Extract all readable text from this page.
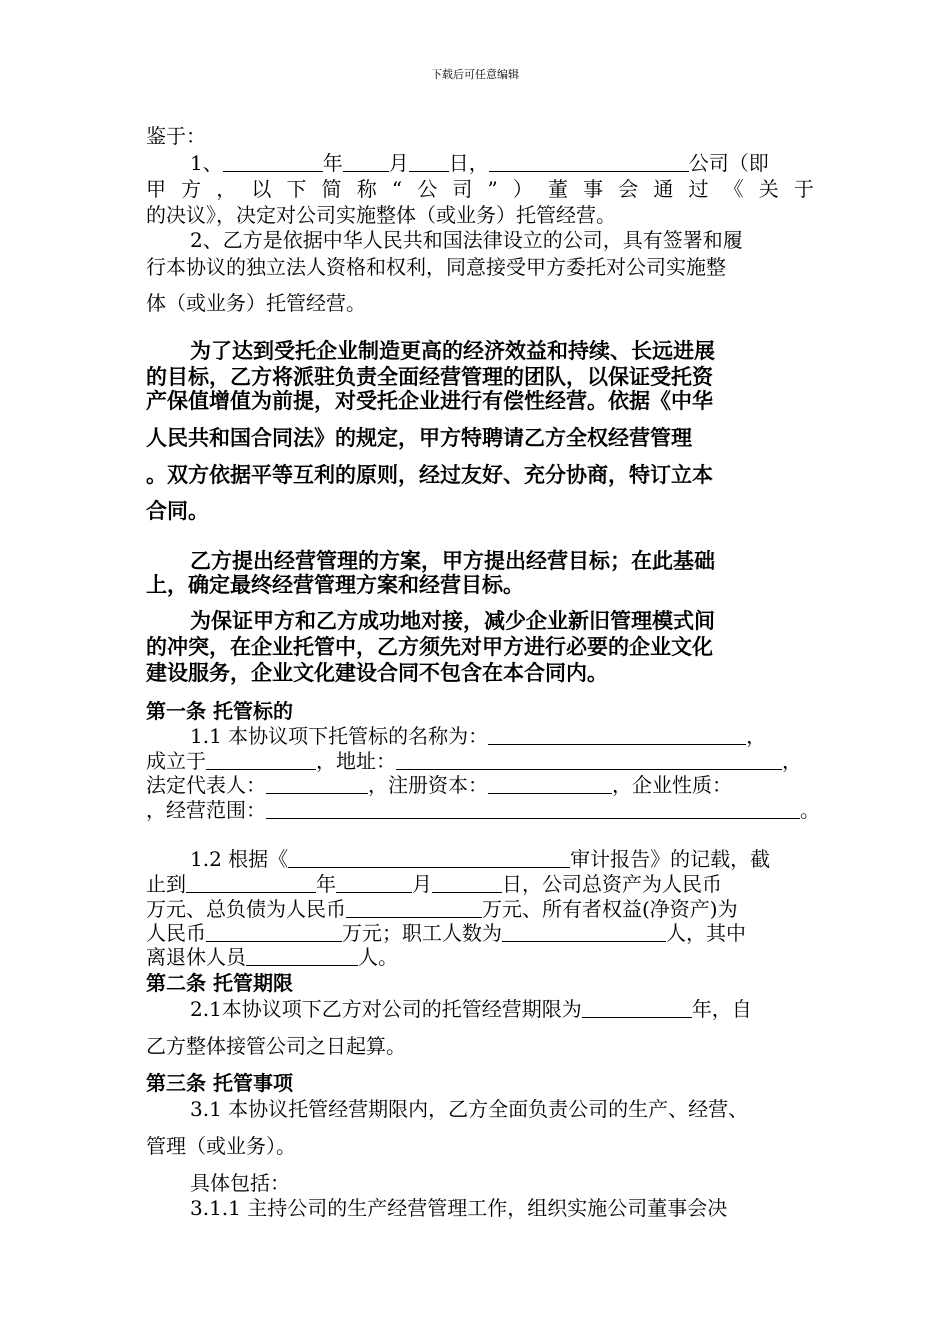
下载后可任意编辑
鉴于：
1、	年 月 日，	公司（即
甲 方 ， 以 下 简 称 “ 公 司 ” ） 董 事 会 通 过 《 关 于
的决议》，决定对公司实施整体（或业务）托管经营。
2、乙方是依据中华人民共和国法律设立的公司，具有签署和履
行本协议的独立法人资格和权利，同意接受甲方委托对公司实施整
体（或业务）托管经营。
为了达到受托企业制造更高的经济效益和持续、长远进展
的目标，乙方将派驻负责全面经营管理的团队，以保证受托资
产保值增值为前提，对受托企业进行有偿性经营。依据《中华
人民共和国合同法》的规定，甲方特聘请乙方全权经营管理
。双方依据平等互利的原则，经过友好、充分协商，特订立本
合同。
乙方提出经营管理的方案，甲方提出经营目标；在此基础
上，确定最终经营管理方案和经营目标。
为保证甲方和乙方成功地对接，减少企业新旧管理模式间
的冲突，在企业托管中，乙方须先对甲方进行必要的企业文化
建设服务，企业文化建设合同不包含在本合同内。
第一条 托管标的
1.1 本协议项下托管标的名称为：	，
成立于	，地址：	，
法定代表人：	，注册资本：	，企业性质：
，经营范围：	。
1.2 根据《	审计报告》的记载，截
止到	年	月	日，公司总资产为人民币
万元、总负债为人民币	万元、所有者权益(净资产)为
人民币	万元；职工人数为	人，其中
离退休人员	人。
第二条 托管期限
2.1本协议项下乙方对公司的托管经营期限为	年，自
乙方整体接管公司之日起算。
第三条 托管事项
3.1 本协议托管经营期限内，乙方全面负责公司的生产、经营、
管理（或业务）。
具体包括：
3.1.1 主持公司的生产经营管理工作，组织实施公司董事会决
